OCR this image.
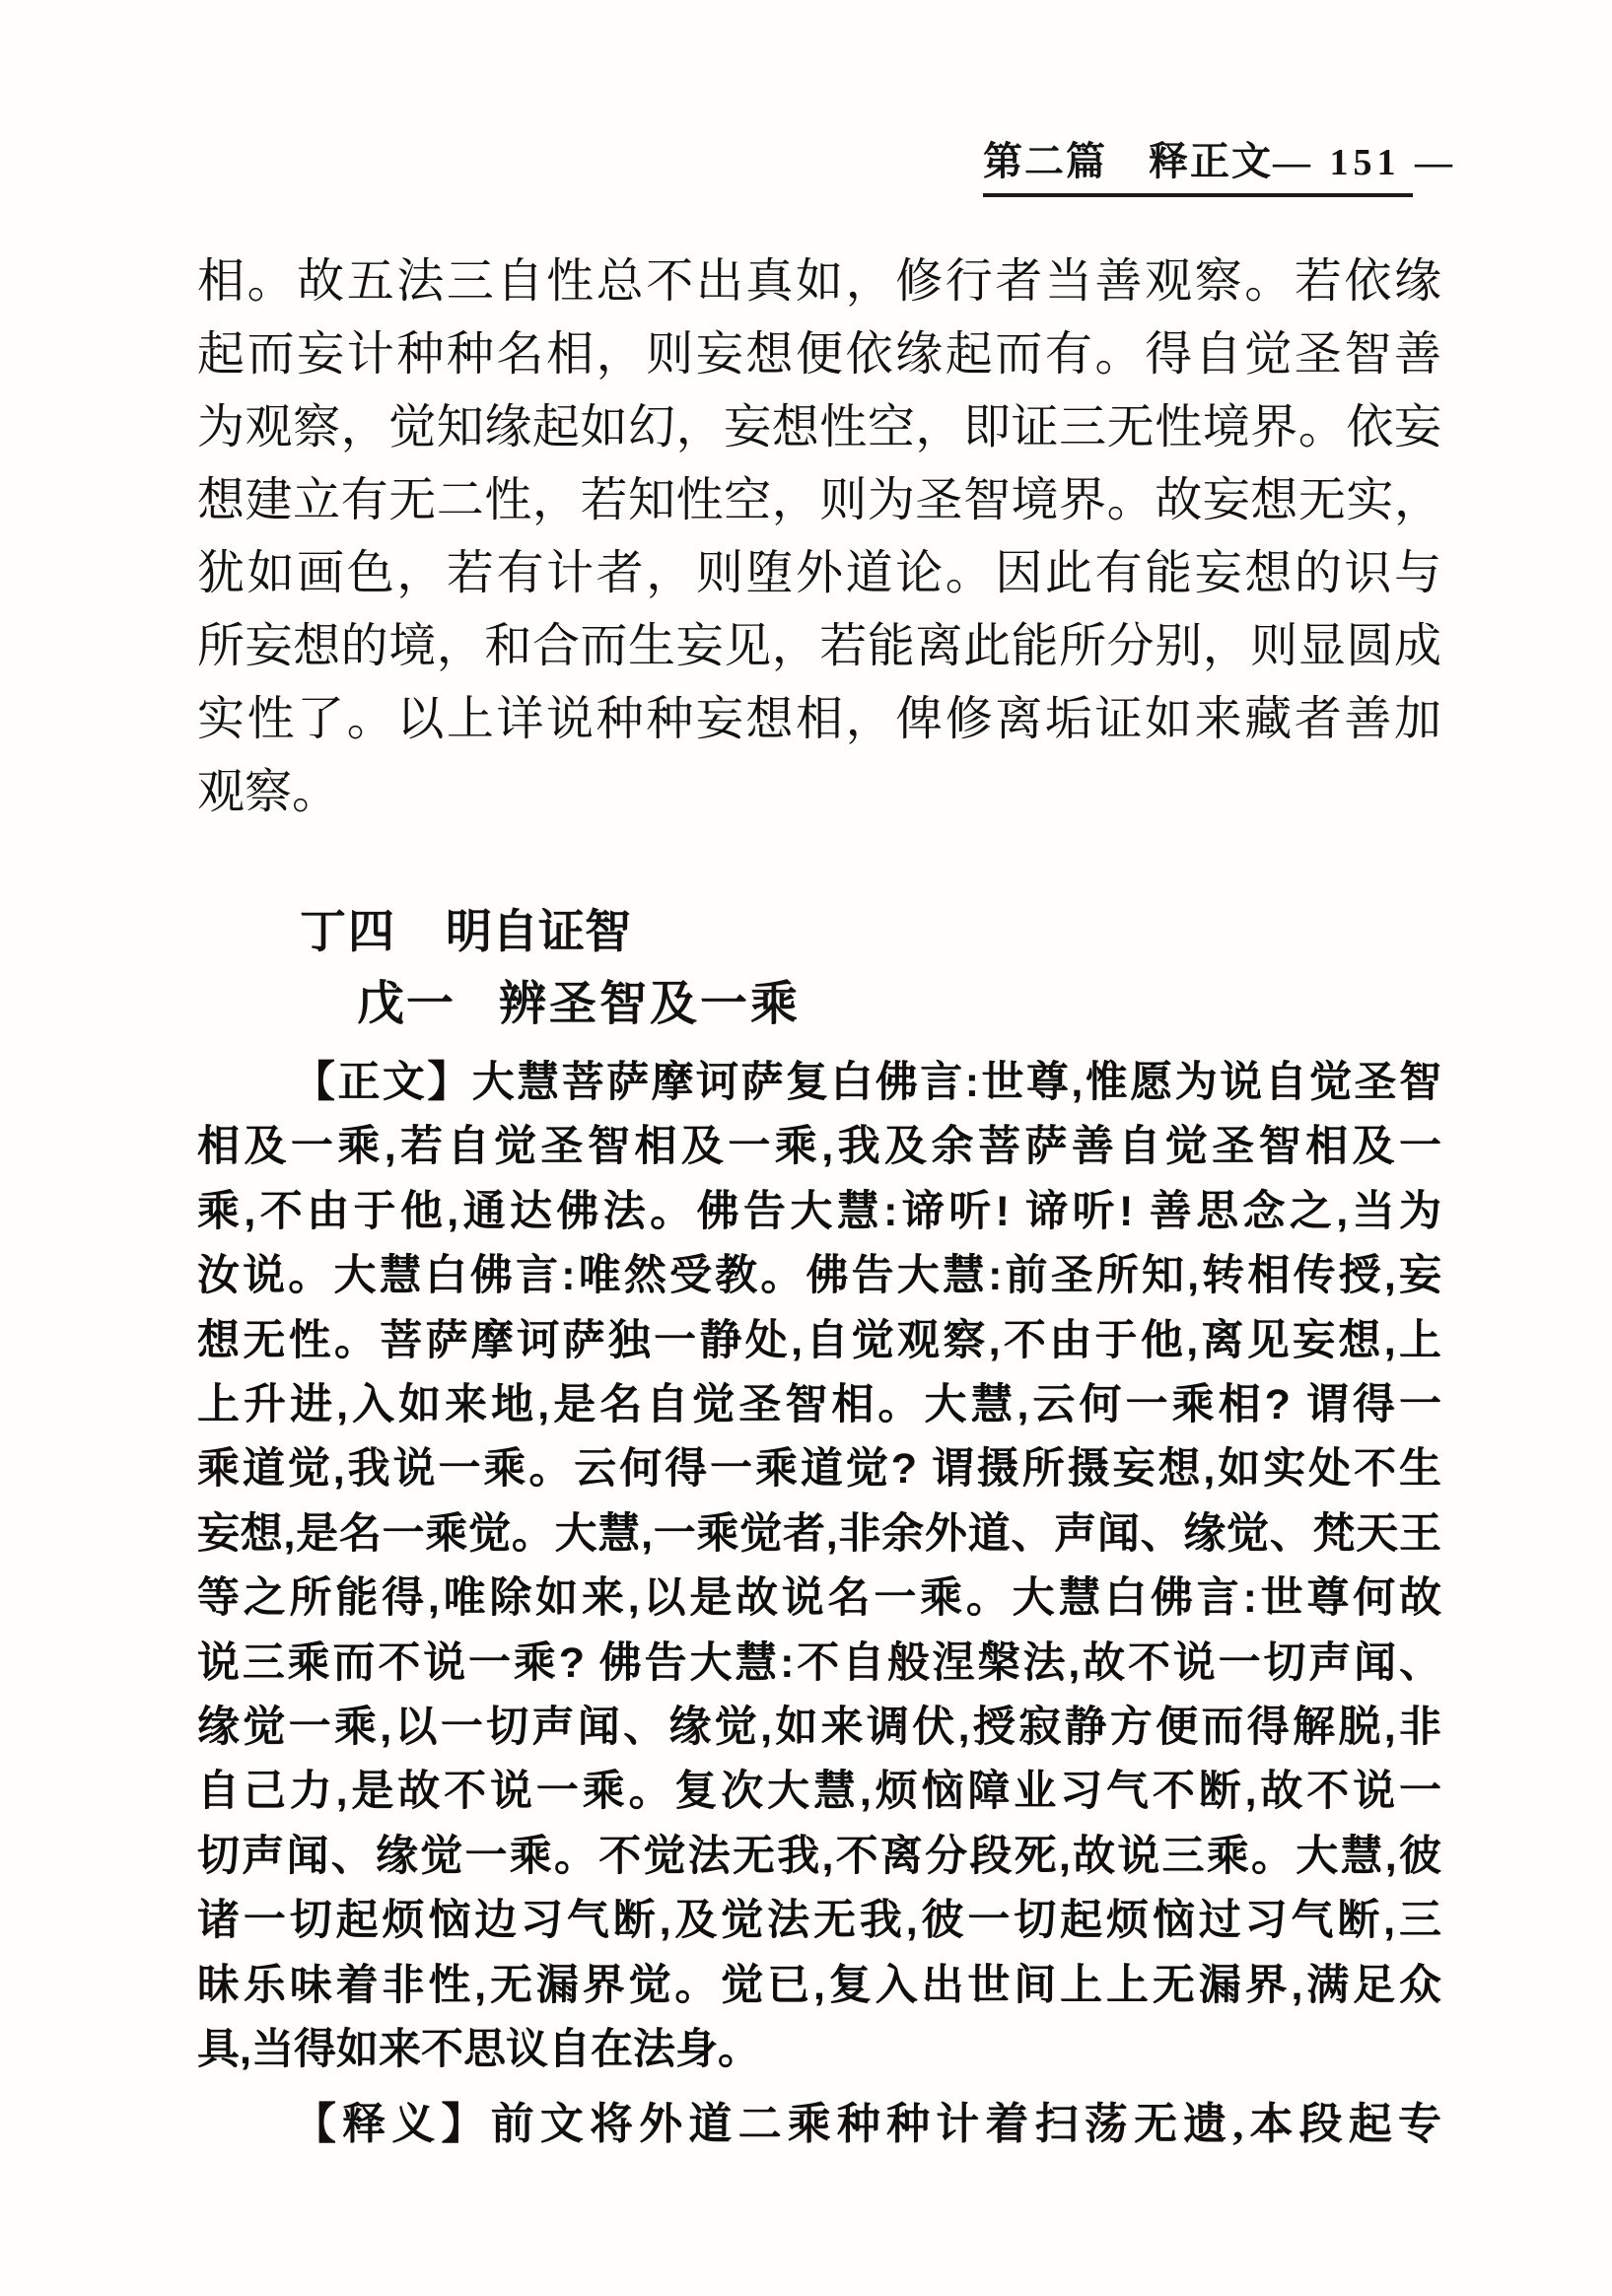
第二篇　释正文 — 151 —
相。故五法三自性总不出真如，修行者当善观察。若依缘
起而妄计种种名相，则妄想便依缘起而有。得自觉圣智善
为观察，觉知缘起如幻，妄想性空，即证三无性境界。依妄
想建立有无二性，若知性空，则为圣智境界。故妄想无实，
犹如画色，若有计者，则堕外道论。因此有能妄想的识与
所妄想的境，和合而生妄见，若能离此能所分别，则显圆成
实性了。以上详说种种妄想相，俾修离垢证如来藏者善加
观察。
丁四 明自证智
戊一 辨圣智及一乘
【正文】大慧菩萨摩诃萨复白佛言:世尊,惟愿为说自觉圣智
相及一乘,若自觉圣智相及一乘,我及余菩萨善自觉圣智相及一
乘,不由于他,通达佛法。佛告大慧:谛听! 谛听! 善思念之,当为
汝说。大慧白佛言:唯然受教。佛告大慧:前圣所知,转相传授,妄
想无性。菩萨摩诃萨独一静处,自觉观察,不由于他,离见妄想,上
上升进,入如来地,是名自觉圣智相。大慧,云何一乘相? 谓得一
乘道觉,我说一乘。云何得一乘道觉? 谓摄所摄妄想,如实处不生
妄想,是名一乘觉。大慧,一乘觉者,非余外道、声闻、缘觉、梵天王
等之所能得,唯除如来,以是故说名一乘。大慧白佛言:世尊何故
说三乘而不说一乘? 佛告大慧:不自般涅槃法,故不说一切声闻、
缘觉一乘,以一切声闻、缘觉,如来调伏,授寂静方便而得解脱,非
自己力,是故不说一乘。复次大慧,烦恼障业习气不断,故不说一
切声闻、缘觉一乘。不觉法无我,不离分段死,故说三乘。大慧,彼
诸一切起烦恼边习气断,及觉法无我,彼一切起烦恼过习气断,三
昧乐味着非性,无漏界觉。觉已,复入出世间上上无漏界,满足众
具,当得如来不思议自在法身。
【释义】前文将外道二乘种种计着扫荡无遗,本段起专
